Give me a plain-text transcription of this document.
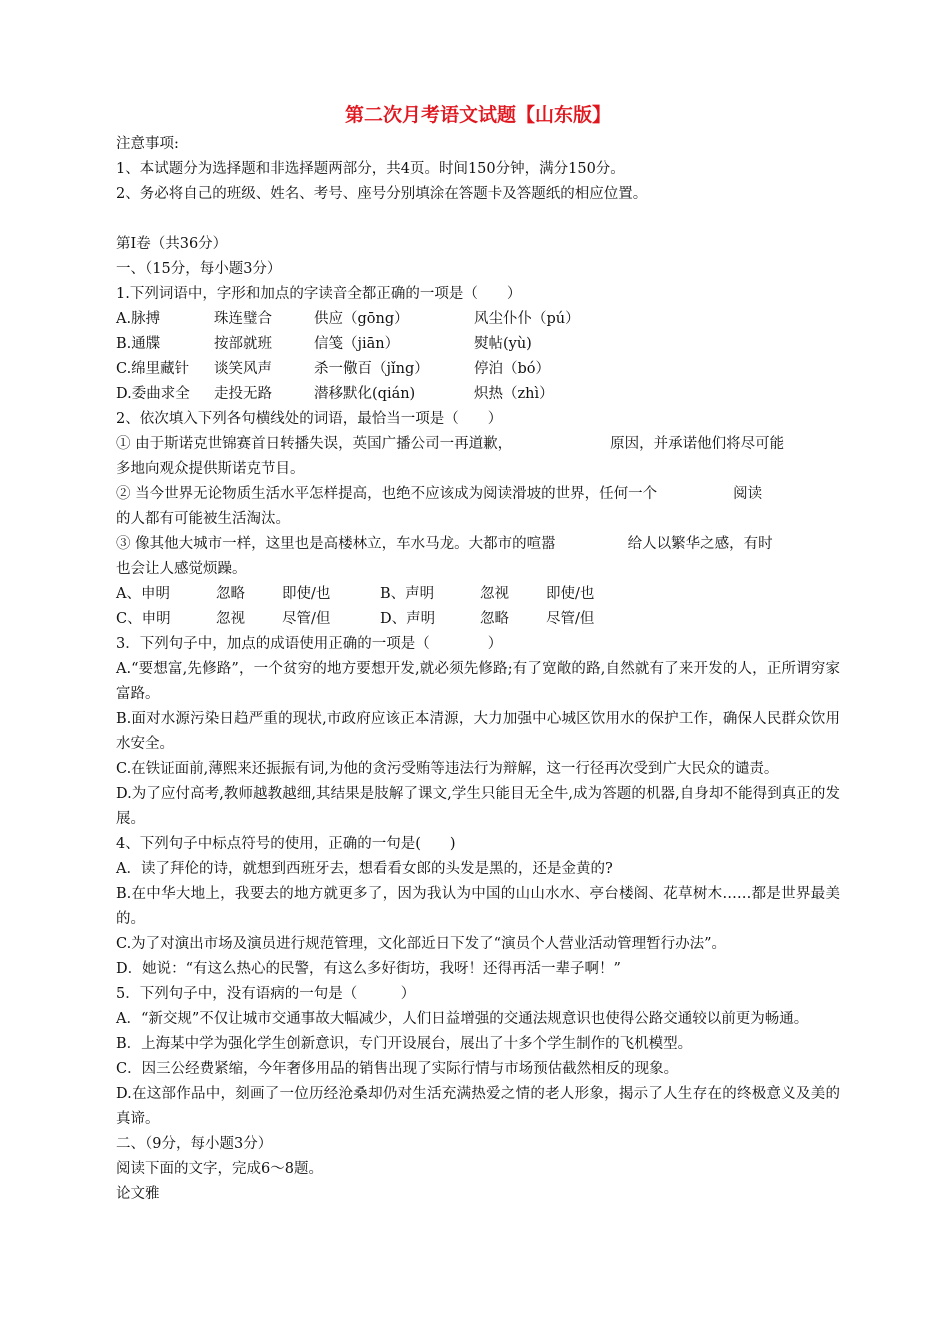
第二次月考语文试题【山东版】
注意事项:
1、本试题分为选择题和非选择题两部分，共4页。时间150分钟，满分150分。
2、务必将自己的班级、姓名、考号、座号分别填涂在答题卡及答题纸的相应位置。
第I卷（共36分）
一、（15分，每小题3分）
1.下列词语中，字形和加点的字读音全都正确的一项是（　　）
A.脉搏	珠连璧合	供应（gōng）	风尘仆仆（pú）
B.通牒	按部就班	信笺（jiān）	熨帖(yù)
C.绵里藏针	谈笑风声	杀一儆百（jǐng）	停泊（bó）
D.委曲求全	走投无路	潜移默化(qián)	炽热（zhì）
2、依次填入下列各句横线处的词语，最恰当一项是（　　）
① 由于斯诺克世锦赛首日转播失误，英国广播公司一再道歉，	原因，并承诺他们将尽可能
多地向观众提供斯诺克节目。
② 当今世界无论物质生活水平怎样提高，也绝不应该成为阅读滑坡的世界，任何一个	阅读
的人都有可能被生活淘汰。
③ 像其他大城市一样，这里也是高楼林立，车水马龙。大都市的喧嚣	给人以繁华之感，有时
也会让人感觉烦躁。
A、申明	忽略	即使/也	B、声明	忽视	即使/也
C、申明	忽视	尽管/但	D、声明	忽略	尽管/但
3．下列句子中，加点的成语使用正确的一项是（　　　　）
A.“要想富,先修路”，一个贫穷的地方要想开发,就必须先修路;有了宽敞的路,自然就有了来开发的人，正所谓穷家富路。
B.面对水源污染日趋严重的现状,市政府应该正本清源，大力加强中心城区饮用水的保护工作，确保人民群众饮用水安全。
C.在铁证面前,薄熙来还振振有词,为他的贪污受贿等违法行为辩解，这一行径再次受到广大民众的谴责。
D.为了应付高考,教师越教越细,其结果是肢解了课文,学生只能目无全牛,成为答题的机器,自身却不能得到真正的发展。
4、下列句子中标点符号的使用，正确的一句是(　　)
A．读了拜伦的诗，就想到西班牙去，想看看女郎的头发是黑的，还是金黄的?
B.在中华大地上，我要去的地方就更多了，因为我认为中国的山山水水、亭台楼阁、花草树木……都是世界最美的。
C.为了对演出市场及演员进行规范管理，文化部近日下发了“演员个人营业活动管理暂行办法”。
D．她说：“有这么热心的民警，有这么多好街坊，我呀！还得再活一辈子啊！”
5．下列句子中，没有语病的一句是（　　　）
A．“新交规”不仅让城市交通事故大幅减少，人们日益增强的交通法规意识也使得公路交通较以前更为畅通。
B．上海某中学为强化学生创新意识，专门开设展台，展出了十多个学生制作的飞机模型。
C．因三公经费紧缩，今年奢侈用品的销售出现了实际行情与市场预估截然相反的现象。
D.在这部作品中，刻画了一位历经沧桑却仍对生活充满热爱之情的老人形象，揭示了人生存在的终极意义及美的真谛。
二、（9分，每小题3分）
阅读下面的文字，完成6～8题。
论文雅
